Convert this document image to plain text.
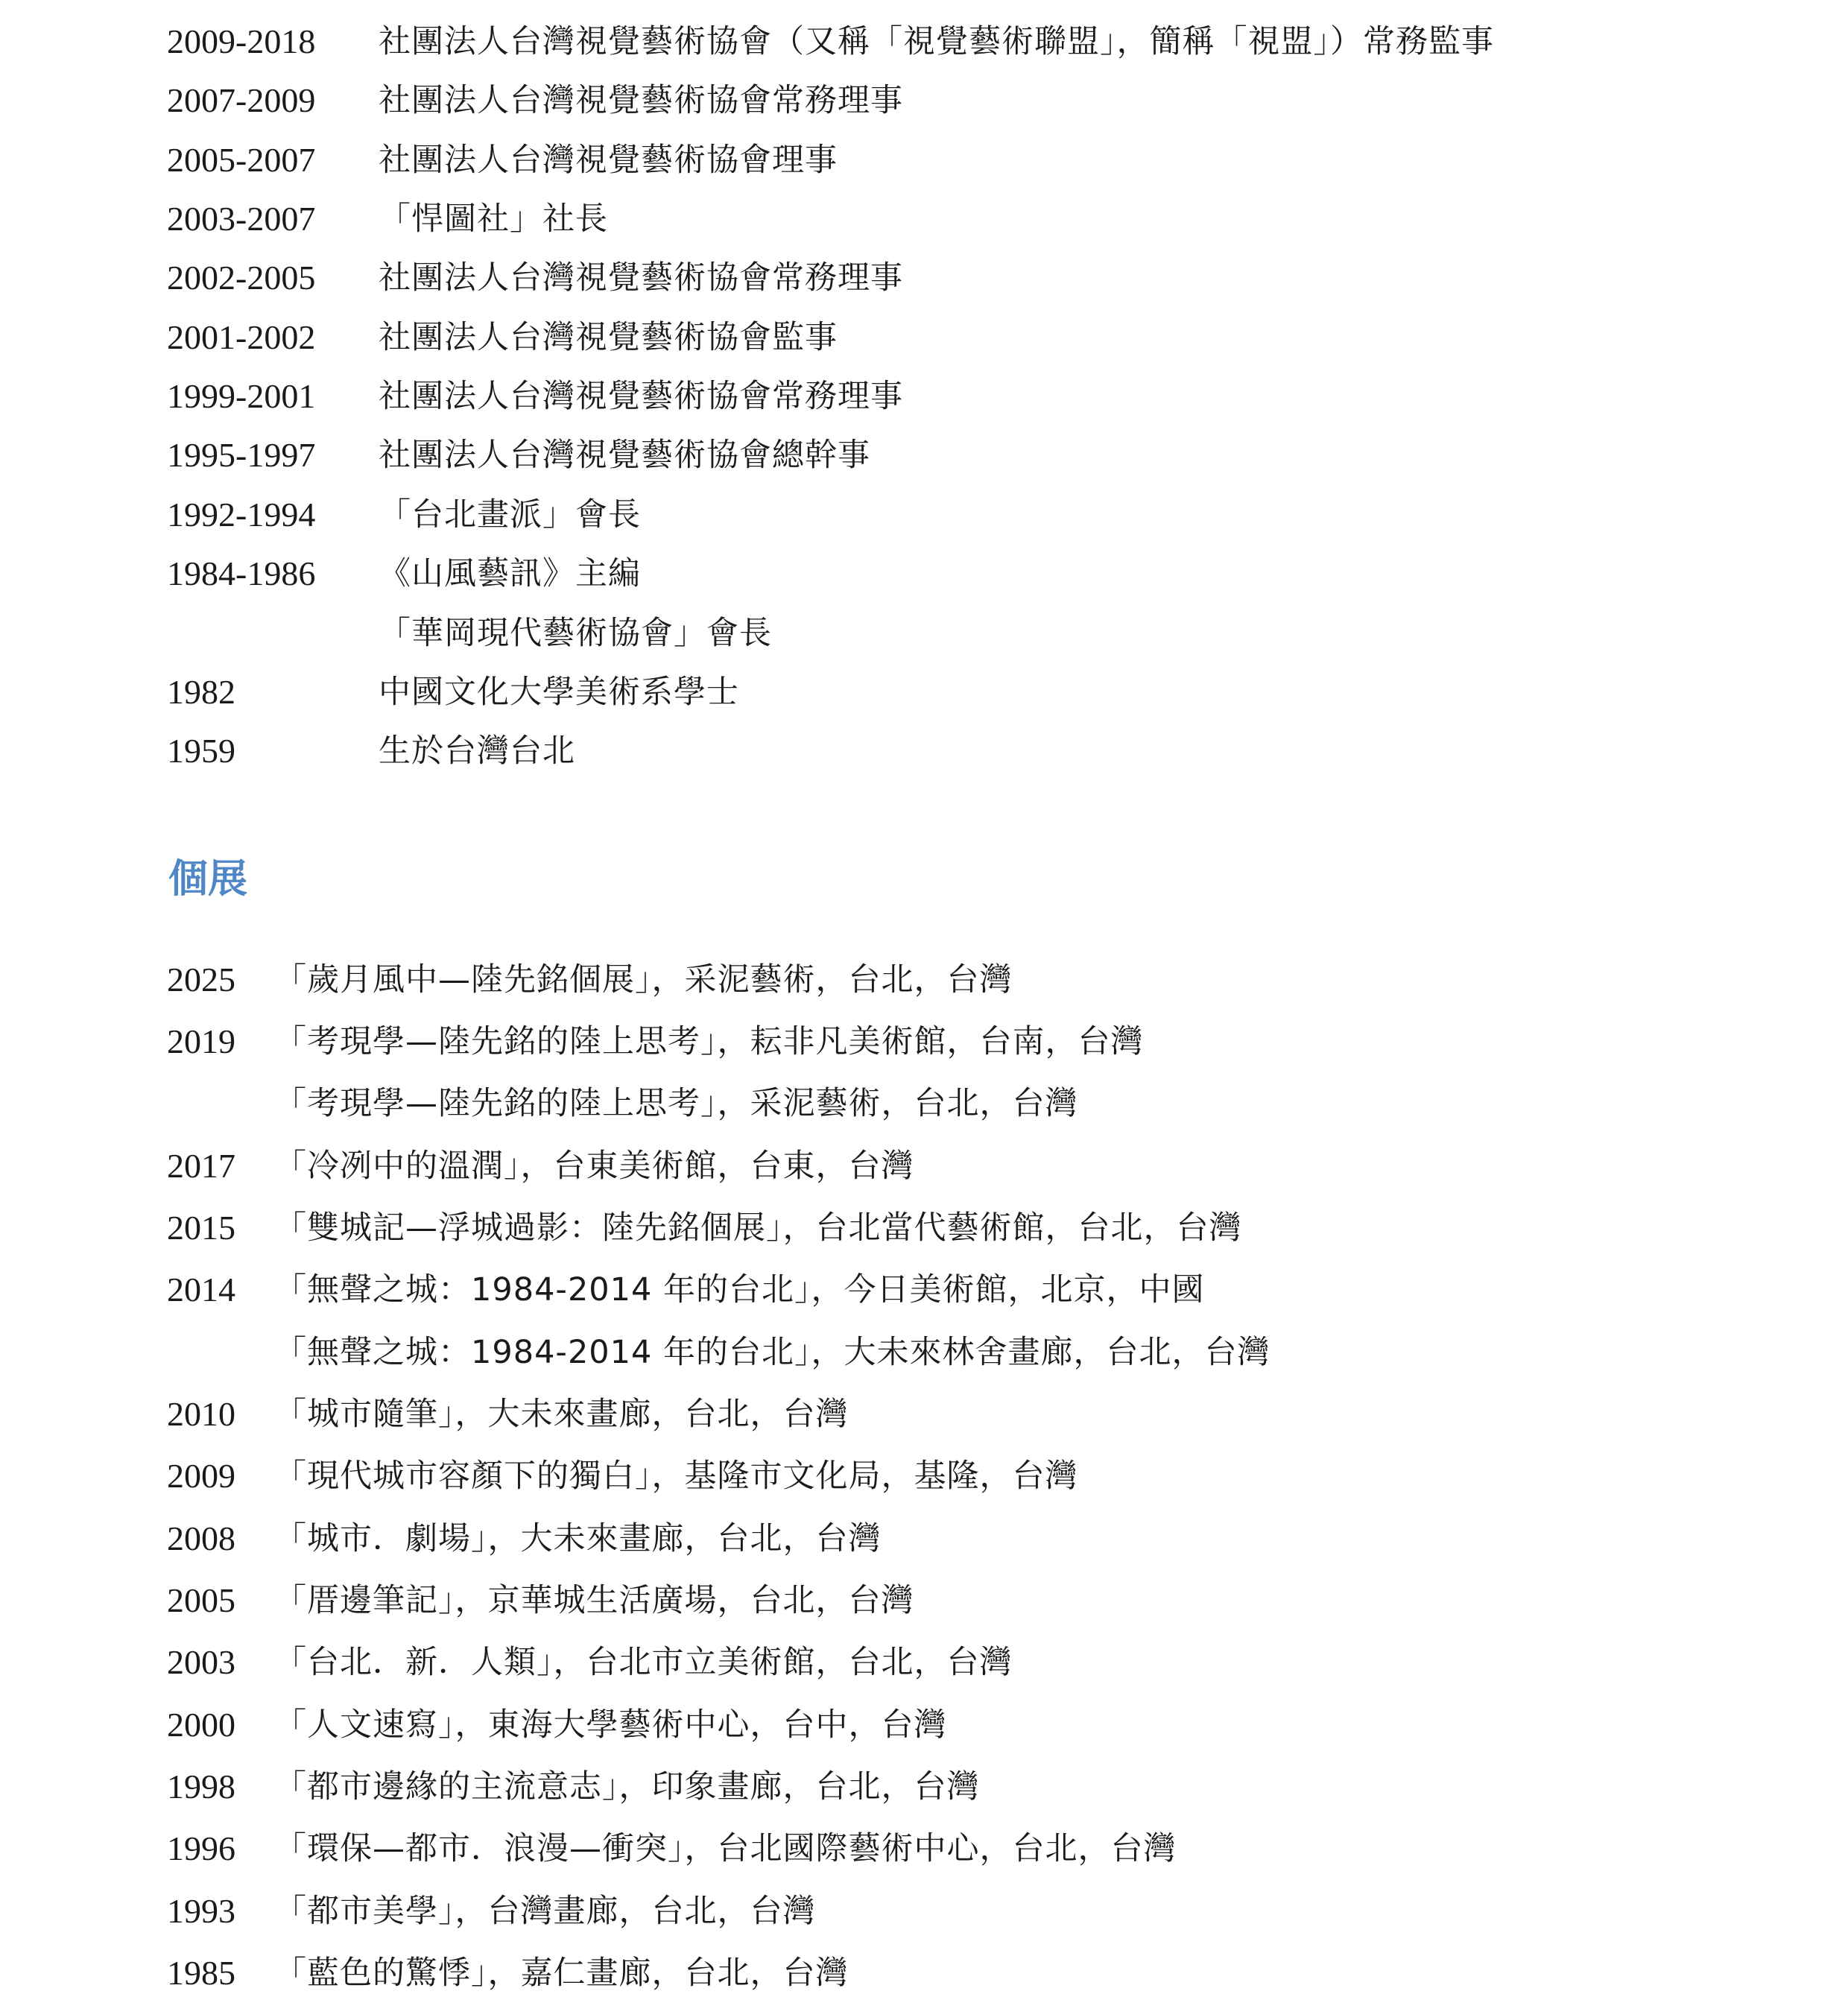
2009-2018 社團法人台灣視覺藝術協會（又稱「視覺藝術聯盟」，簡稱「視盟」）常務監事
2007-2009 社團法人台灣視覺藝術協會常務理事
2005-2007 社團法人台灣視覺藝術協會理事
2003-2007 「悍圖社」社長
2002-2005 社團法人台灣視覺藝術協會常務理事
2001-2002 社團法人台灣視覺藝術協會監事
1999-2001 社團法人台灣視覺藝術協會常務理事
1995-1997 社團法人台灣視覺藝術協會總幹事
1992-1994 「台北畫派」會長
1984-1986 《山風藝訊》主編
「華岡現代藝術協會」會長
1982	中國文化大學美術系學士
1959	生於台灣台北
個展
2025 「歲月風中—陸先銘個展」，采泥藝術，台北，台灣
2019 「考現學—陸先銘的陸上思考」，耘非凡美術館，台南，台灣
「考現學—陸先銘的陸上思考」，采泥藝術，台北，台灣
2017 「冷冽中的溫潤」，台東美術館，台東，台灣
2015 「雙城記—浮城過影：陸先銘個展」，台北當代藝術館，台北，台灣
2014 「無聲之城：1984-2014 年的台北」，今日美術館，北京，中國
「無聲之城：1984-2014 年的台北」，大未來林舍畫廊，台北，台灣
2010 「城市隨筆」，大未來畫廊，台北，台灣
2009 「現代城市容顏下的獨白」，基隆市文化局，基隆，台灣
2008 「城市．劇場」，大未來畫廊，台北，台灣
2005 「厝邊筆記」，京華城生活廣場，台北，台灣
2003 「台北．新．人類」，台北市立美術館，台北，台灣
2000 「人文速寫」，東海大學藝術中心，台中，台灣
1998 「都市邊緣的主流意志」，印象畫廊，台北，台灣
1996 「環保—都市．浪漫—衝突」，台北國際藝術中心，台北，台灣
1993 「都市美學」，台灣畫廊，台北，台灣
1985 「藍色的驚悸」，嘉仁畫廊，台北，台灣
